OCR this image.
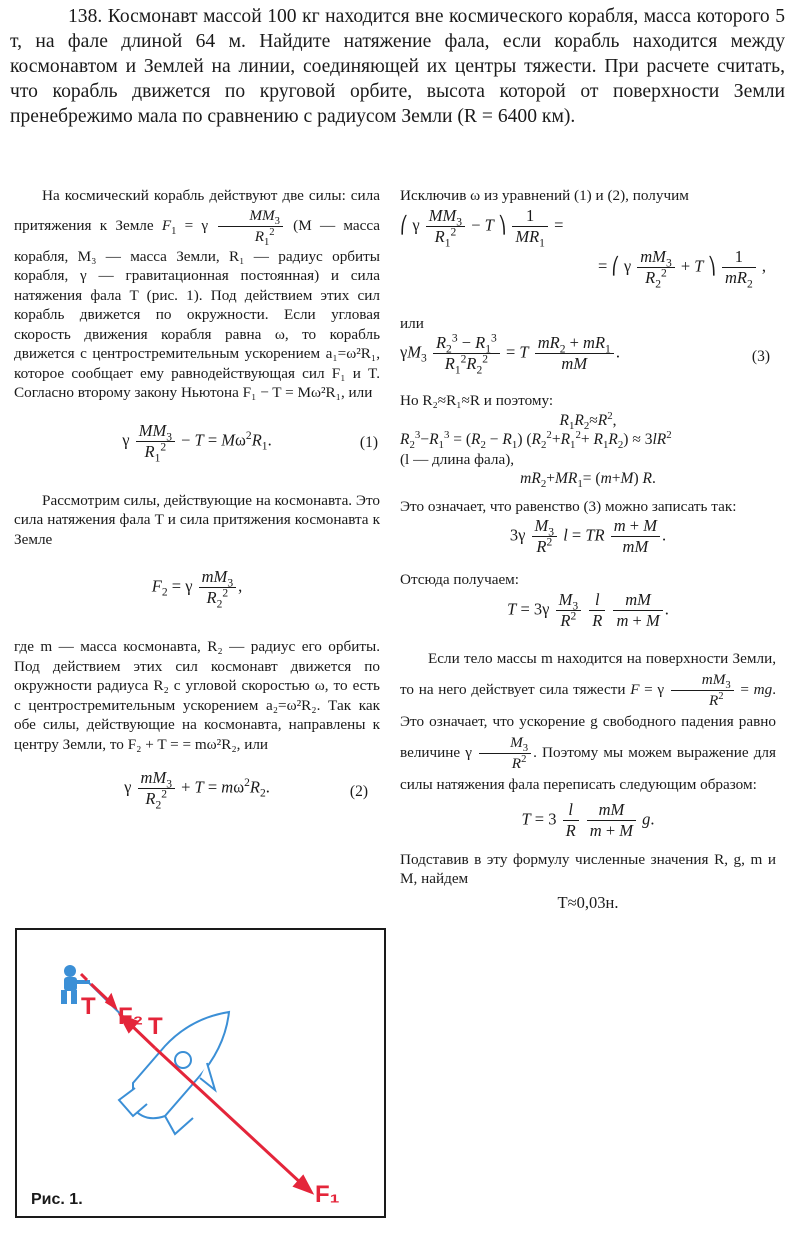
138. Космонавт массой 100 кг находится вне космического корабля, масса которого 5 т, на фале длиной 64 м. Найдите натяжение фала, если корабль находится между космонавтом и Землей на линии, соединяющей их центры тяжести. При расчете считать, что корабль движется по круговой орбите, высота которой от поверхности Земли пренебрежимо мала по сравнению с радиусом Земли (R = 6400 км).

На космический корабль действуют две силы: сила притяжения к Земле $F_1 = \gamma \frac{MM_3}{R_1^2} (M$ — масса корабля, M₃ — масса Земли, R₁ — радиус орбиты корабля, γ — гравитационная постоянная) и сила натяжения фала T (рис. 1). Под действием этих сил корабль движется по окружности. Если угловая скорость движения корабля равна ω, то корабль движется с центростремительным ускорением a₁=ω²R₁, которое сообщает ему равнодействующая сил F₁ и T. Согласно второму закону Ньютона F₁ − T = Mω²R₁, или

γ $\frac{MM_3}{R_1^2} - T = M\omega^2R_1$.	(1)

Рассмотрим силы, действующие на космонавта. Это сила натяжения фала T и сила притяжения космонавта к Земле

$F_2 = \gamma \frac{mM_3}{R_2^2}$ ,

где m — масса космонавта, R₂ — радиус его орбиты. Под действием этих сил космонавт движется по окружности радиуса R₂ с угловой скоростью ω, то есть с центростремительным ускорением a₂=ω²R₂. Так как обе силы, действующие на космонавта, направлены к центру Земли, то F₂ + T = = mω²R₂, или

γ $\frac{mM_3}{R_2^2} + T = m\omega^2R_2$.	(2)
T F₂ T
F₁
Рис. 1.

Исключив ω из уравнений (1) и (2), получим

⎛ γ $\frac{MM_3}{R_1^2} - T$ ⎞ $\frac{1}{MR_1}$ =

= ⎛ γ $\frac{mM_3}{R_2^2} + T$ ⎞ $\frac{1}{mR_2}$ ,

или

$\gamma M_3 \frac{R_2^3 - R_1^3}{R_1^2R_2^2} = T \frac{mR_2 + mR_1}{mM}$ .	(3)

Но R₂≈R₁≈R и поэтому:

$R_1R_2\approx R^2$,

$R_2^3-R_1^3 = (R_2 - R_1)$ $(R_2^2+R_1^2+ R_1R_2) \approx 3lR^2$

(l — длина фала),

$mR_2+MR_1= (m+M)$ R.

Это означает, что равенство (3) можно записать так:

$3\gamma \frac{M_3}{R^2}$ l = TR $\frac{m + M}{mM}$ .

Отсюда получаем:

$T = 3\gamma \frac{M_3}{R^2}$
$\frac{l}{R}$
$\frac{mM}{m + M}$ .

Если тело массы m находится на поверхности Земли, то на него действует сила тяжести F = γ $\frac{mM_3}{R^2}$ = mg. Это означает, что ускорение g свободного падения равно величине γ $\frac{M_3}{R^2}$ . Поэтому мы можем выражение для силы натяжения фала переписать следующим образом:

$T = 3 \frac{l}{R}$
$\frac{mM}{m + M} g$.

Подставив в эту формулу численные значения R, g, m и M, найдем

T≈0,03н.
